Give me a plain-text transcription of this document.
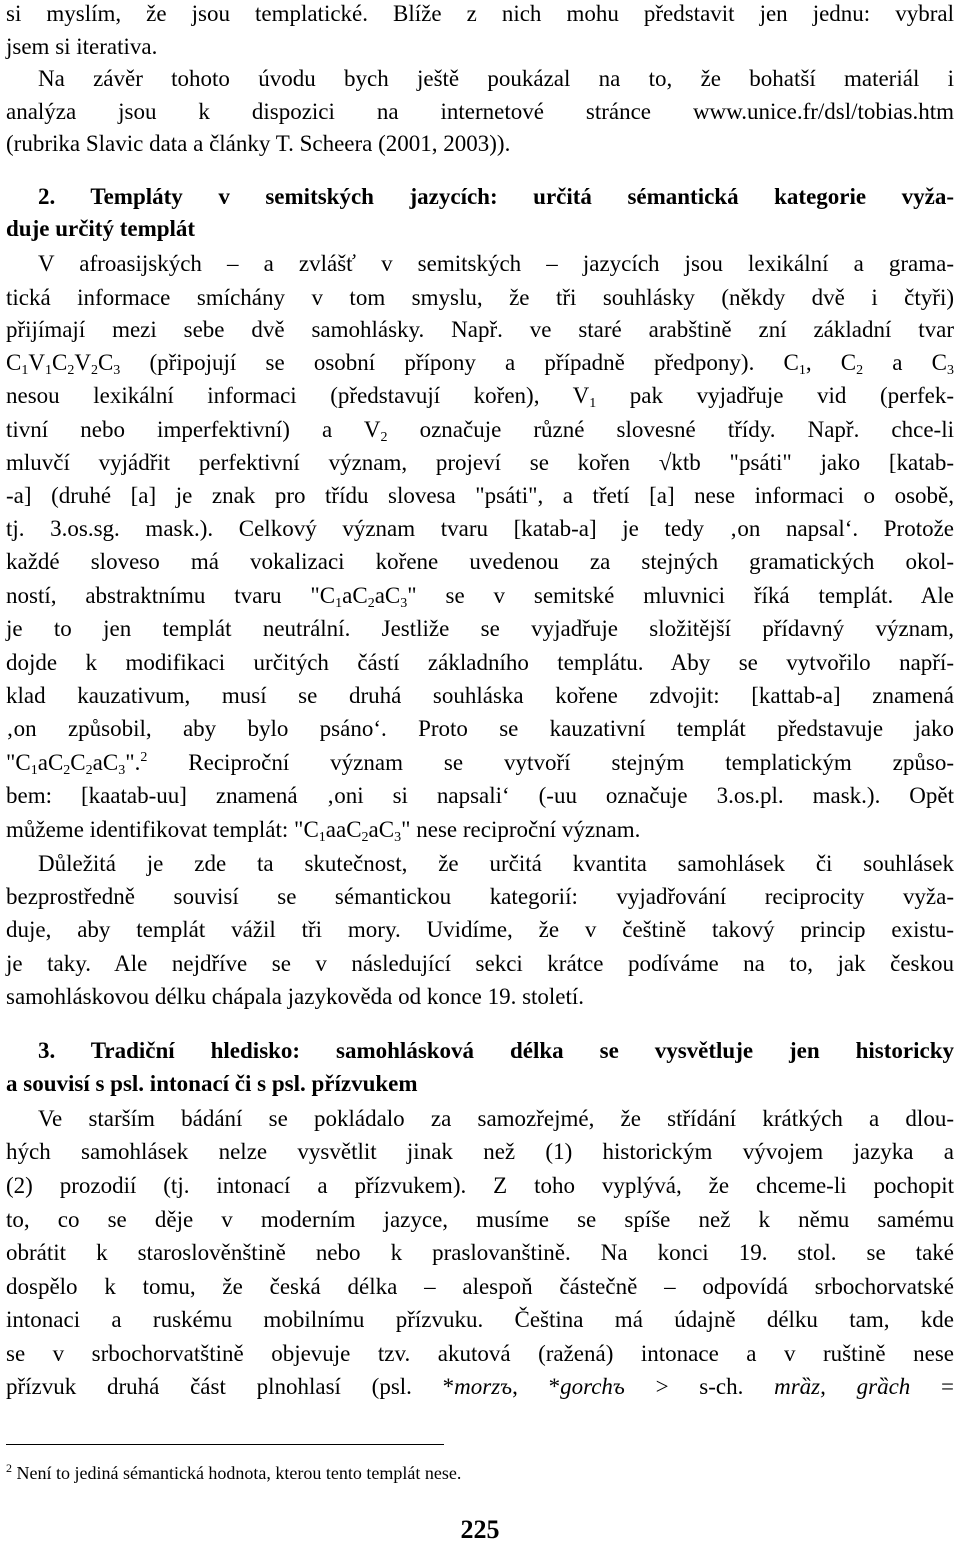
si myslím, že jsou templatické. Blíže z nich mohu představit jen jednu: vybral
jsem si iterativa.
Na závěr tohoto úvodu bych ještě poukázal na to, že bohatší materiál i
analýza jsou k dispozici na internetové stránce www.unice.fr/dsl/tobias.htm
(rubrika Slavic data a články T. Scheera (2001, 2003)).
2. Templáty v semitských jazycích: určitá sémantická kategorie vyža-
duje určitý templát
V afroasijských – a zvlášť v semitských – jazycích jsou lexikální a grama-
tická informace smíchány v tom smyslu, že tři souhlásky (někdy dvě i čtyři)
přijímají mezi sebe dvě samohlásky. Např. ve staré arabštině zní základní tvar
$C_1V_1C_2V_2C_3$ (připojují se osobní přípony a případně předpony). $C_1$, $C_2$ a $C_3$
nesou lexikální informaci (představují kořen), $V_1$ pak vyjadřuje vid (perfek-
tivní nebo imperfektivní) a $V_2$ označuje různé slovesné třídy. Např. chce-li
mluvčí vyjádřit perfektivní význam, projeví se kořen √ktb "psáti" jako [katab-
-a] (druhé [a] je znak pro třídu slovesa "psáti", a třetí [a] nese informaci o osobě,
tj. 3.os.sg. mask.). Celkový význam tvaru [katab-a] je tedy ‚on napsal‘. Protože
každé sloveso má vokalizaci kořene uvedenou za stejných gramatických okol-
ností, abstraktnímu tvaru "$C_1aC_2aC_3$" se v semitské mluvnici říká templát. Ale
je to jen templát neutrální. Jestliže se vyjadřuje složitější přídavný význam,
dojde k modifikaci určitých částí základního templátu. Aby se vytvořilo napří-
klad kauzativum, musí se druhá souhláska kořene zdvojit: [kattab-a] znamená
‚on způsobil, aby bylo psáno‘. Proto se kauzativní templát představuje jako
"$C_1aC_2C_2aC_3".^2$ Reciproční význam se vytvoří stejným templatickým způso-
bem: [kaatab-uu] znamená ‚oni si napsali‘ (-uu označuje 3.os.pl. mask.). Opět
můžeme identifikovat templát: "$C_1aaC_2aC_3$" nese reciproční význam.
Důležitá je zde ta skutečnost, že určitá kvantita samohlásek či souhlásek
bezprostředně souvisí se sémantickou kategorií: vyjadřování reciprocity vyža-
duje, aby templát vážil tři mory. Uvidíme, že v češtině takový princip existu-
je taky. Ale nejdříve se v následující sekci krátce podíváme na to, jak českou
samohláskovou délku chápala jazykověda od konce 19. století.
3. Tradiční hledisko: samohlásková délka se vysvětluje jen historicky
a souvisí s psl. intonací či s psl. přízvukem
Ve starším bádání se pokládalo za samozřejmé, že střídání krátkých a dlou-
hých samohlásek nelze vysvětlit jinak než (1) historickým vývojem jazyka a
(2) prozodií (tj. intonací a přízvukem). Z toho vyplývá, že chceme-li pochopit
to, co se děje v moderním jazyce, musíme se spíše než k němu samému
obrátit k staroslověnštině nebo k praslovanštině. Na konci 19. stol. se také
dospělo k tomu, že česká délka – alespoň částečně – odpovídá srbochorvatské
intonaci a ruskému mobilnímu přízvuku. Čeština má údajně délku tam, kde
se v srbochorvatštině objevuje tzv. akutová (ražená) intonace a v ruštině nese
přízvuk druhá část plnohlasí (psl. *morzъ, *gorchъ > s-ch. mrȁz, grȁch =
$^2$ Není to jediná sémantická hodnota, kterou tento templát nese.
225
